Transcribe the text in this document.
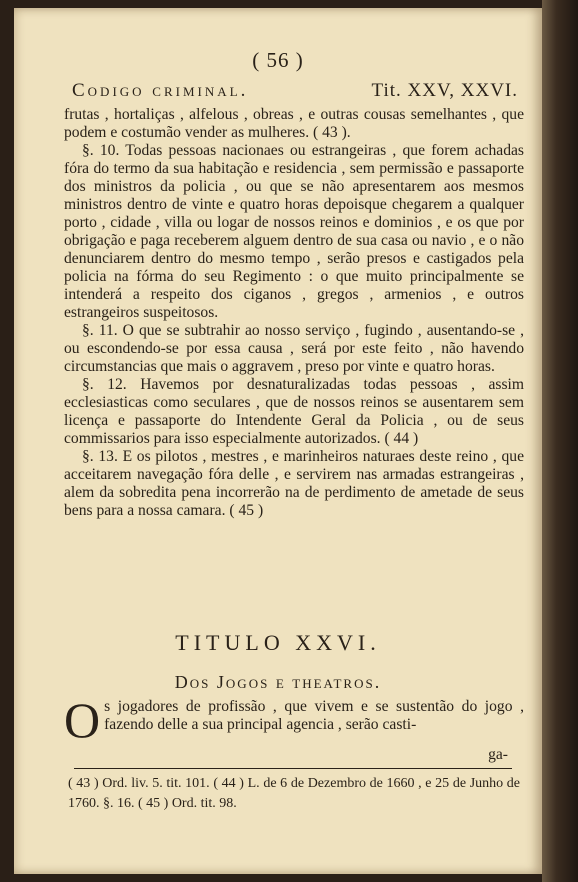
( 56 )
Codigo criminal.	Tit. XXV, XXVI.

frutas , hortaliças , alfelous , obreas , e outras cousas semelhantes , que podem e costumão vender as mulheres. ( 43 ).

§. 10. Todas pessoas nacionaes ou estrangeiras , que forem achadas fóra do termo da sua habitação e residencia , sem permissão e passaporte dos ministros da policia , ou que se não apresentarem aos mesmos ministros dentro de vinte e quatro horas depoisque chegarem a qualquer porto , cidade , villa ou logar de nossos reinos e dominios , e os que por obrigação e paga receberem alguem dentro de sua casa ou navio , e o não denunciarem dentro do mesmo tempo , serão presos e castigados pela policia na fórma do seu Regimento : o que muito principalmente se intenderá a respeito dos ciganos , gregos , armenios , e outros estrangeiros suspeitosos.

§. 11. O que se subtrahir ao nosso serviço , fugindo , ausentando-se , ou escondendo-se por essa causa , será por este feito , não havendo circumstancias que mais o aggravem , preso por vinte e quatro horas.

§. 12. Havemos por desnaturalizadas todas pessoas , assim ecclesiasticas como seculares , que de nossos reinos se ausentarem sem licença e passaporte do Intendente Geral da Policia , ou de seus commissarios para isso especialmente autorizados. ( 44 )

§. 13. E os pilotos , mestres , e marinheiros naturaes deste reino , que acceitarem navegação fóra delle , e servirem nas armadas estrangeiras , alem da sobredita pena incorrerão na de perdimento de ametade de seus bens para a nossa camara. ( 45 )

TITULO XXVI.
Dos Jogos e theatros.
Os jogadores de profissão , que vivem e se sustentão do jogo , fazendo delle a sua principal agencia , serão casti-
ga-
( 43 ) Ord. liv. 5. tit. 101. ( 44 ) L. de 6 de Dezembro de 1660 , e 25 de Junho de 1760. §. 16. ( 45 ) Ord. tit. 98.
